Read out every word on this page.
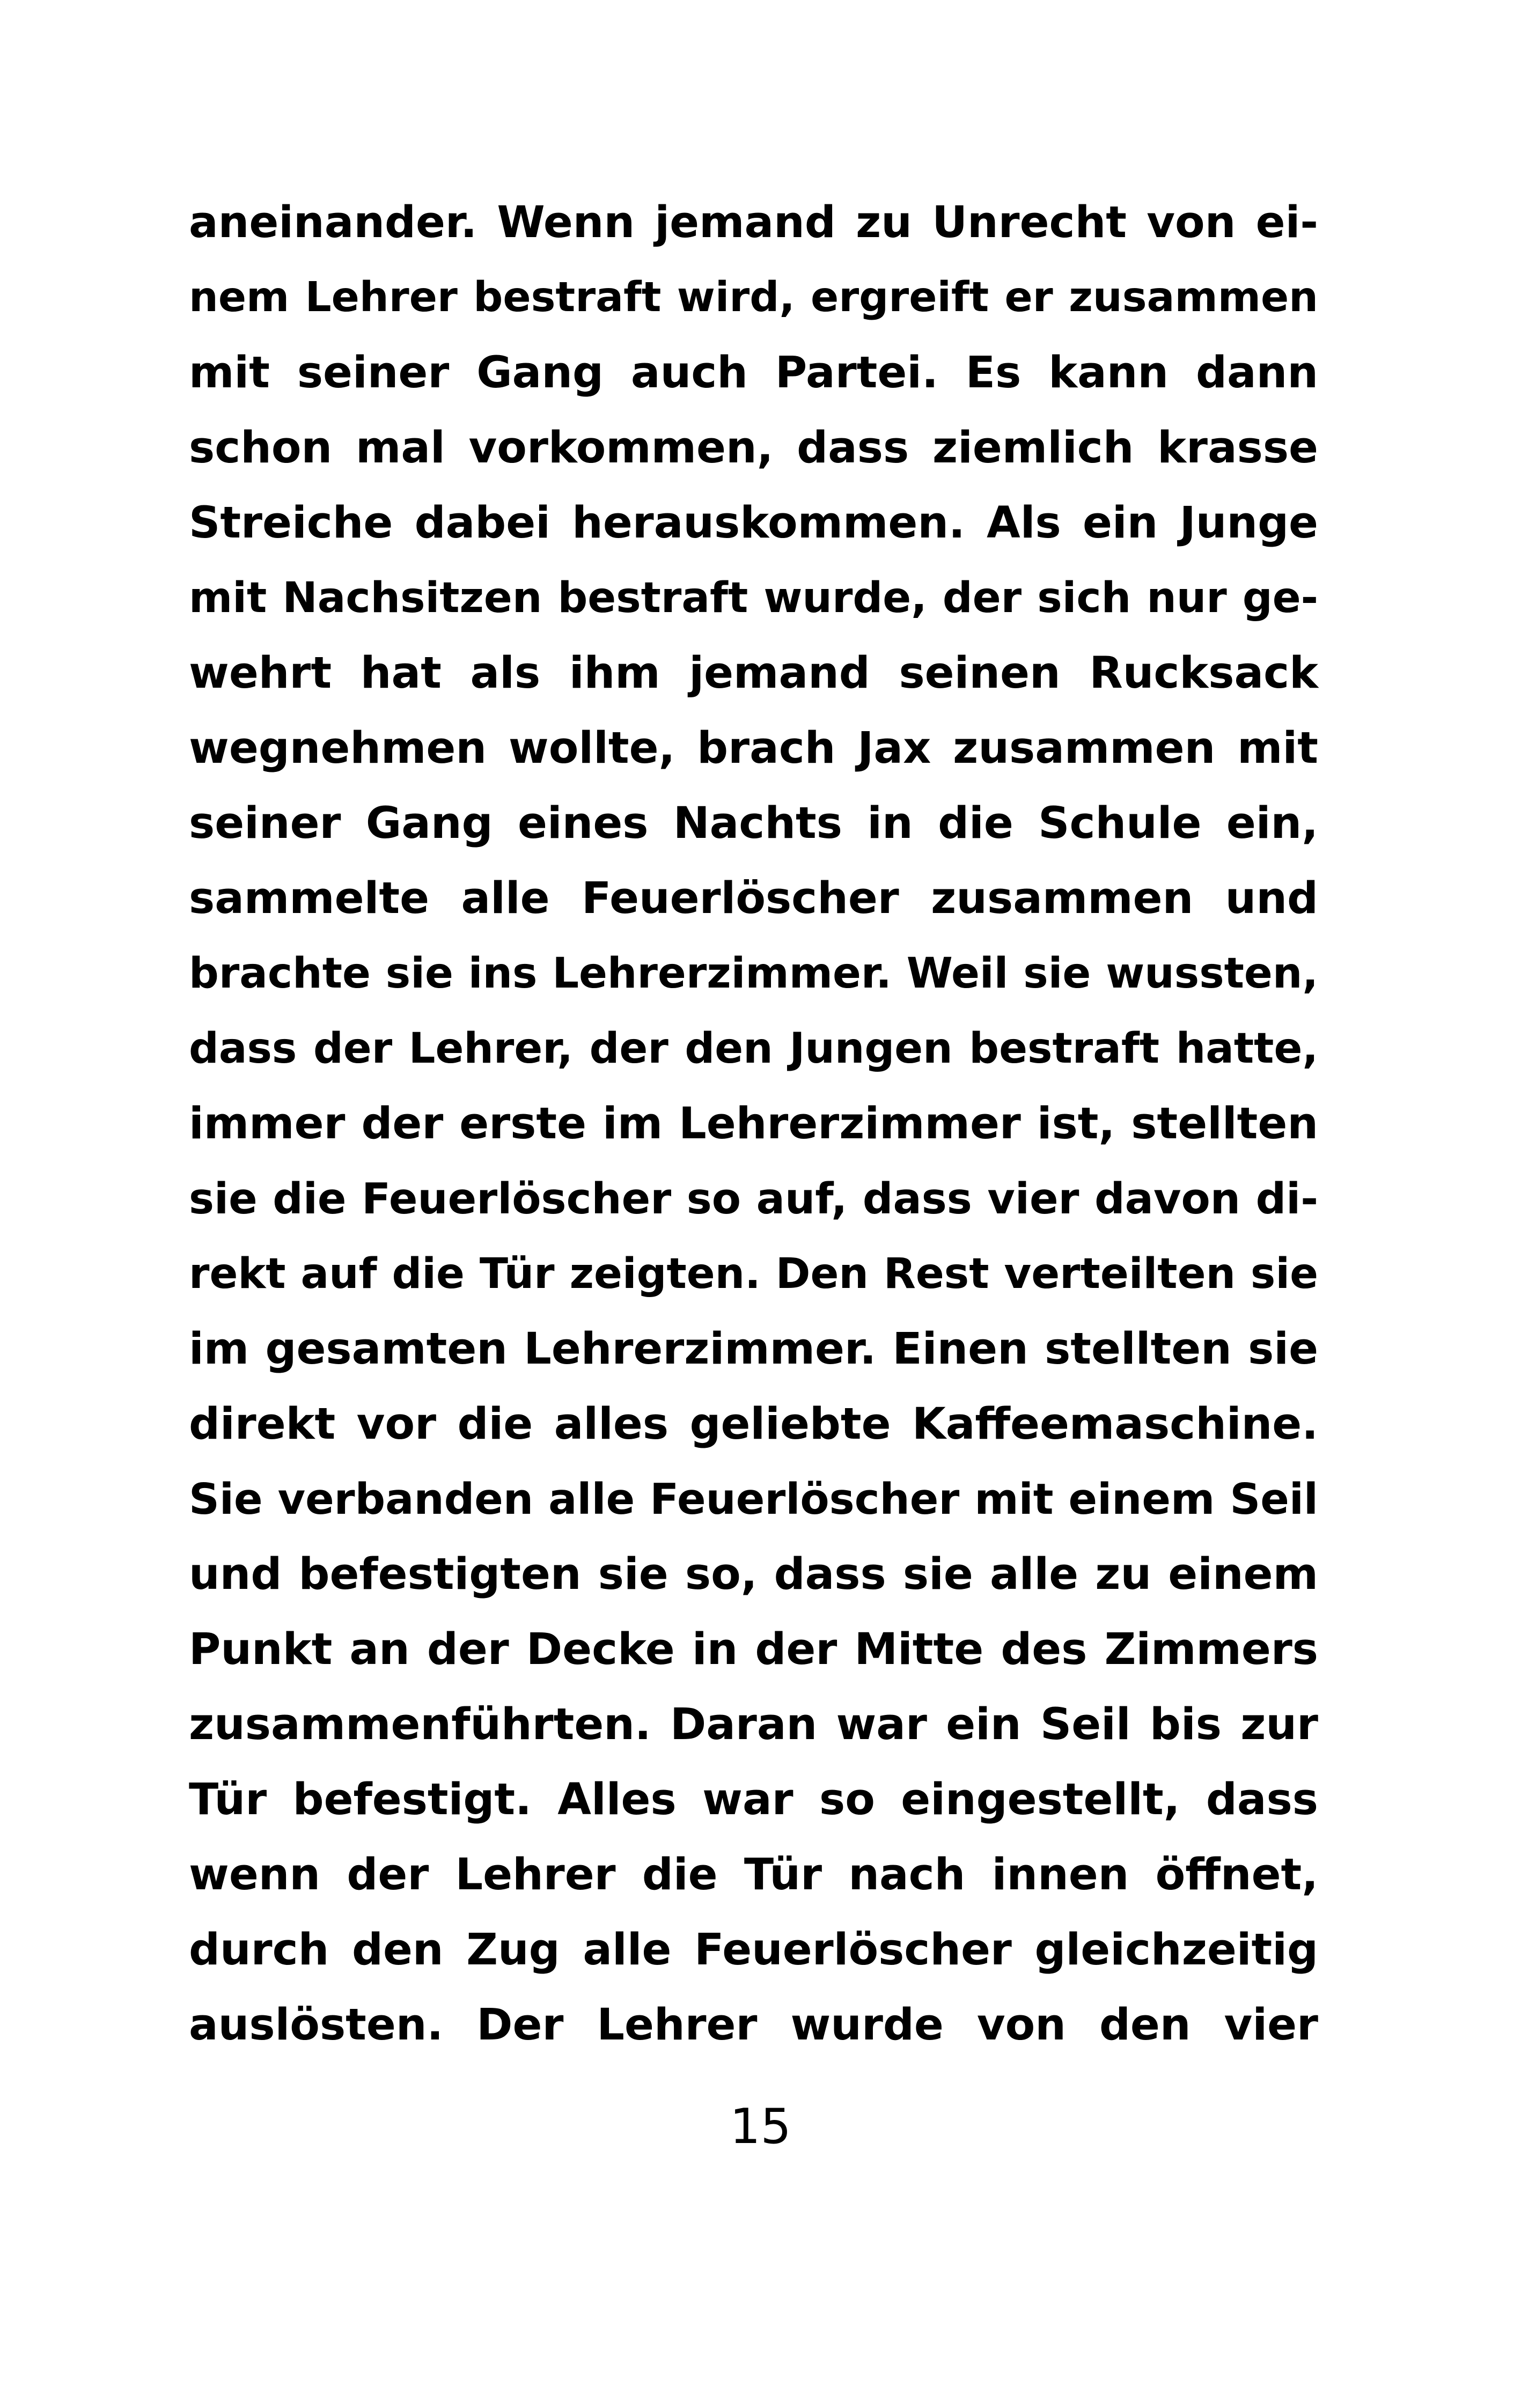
aneinander. Wenn jemand zu Unrecht von ei-
nem Lehrer bestraft wird, ergreift er zusammen
mit seiner Gang auch Partei. Es kann dann
schon mal vorkommen, dass ziemlich krasse
Streiche dabei herauskommen. Als ein Junge
mit Nachsitzen bestraft wurde, der sich nur ge-
wehrt hat als ihm jemand seinen Rucksack
wegnehmen wollte, brach Jax zusammen mit
seiner Gang eines Nachts in die Schule ein,
sammelte alle Feuerlöscher zusammen und
brachte sie ins Lehrerzimmer. Weil sie wussten,
dass der Lehrer, der den Jungen bestraft hatte,
immer der erste im Lehrerzimmer ist, stellten
sie die Feuerlöscher so auf, dass vier davon di-
rekt auf die Tür zeigten. Den Rest verteilten sie
im gesamten Lehrerzimmer. Einen stellten sie
direkt vor die alles geliebte Kaffeemaschine.
Sie verbanden alle Feuerlöscher mit einem Seil
und befestigten sie so, dass sie alle zu einem
Punkt an der Decke in der Mitte des Zimmers
zusammenführten. Daran war ein Seil bis zur
Tür befestigt. Alles war so eingestellt, dass
wenn der Lehrer die Tür nach innen öffnet,
durch den Zug alle Feuerlöscher gleichzeitig
auslösten. Der Lehrer wurde von den vier
15
